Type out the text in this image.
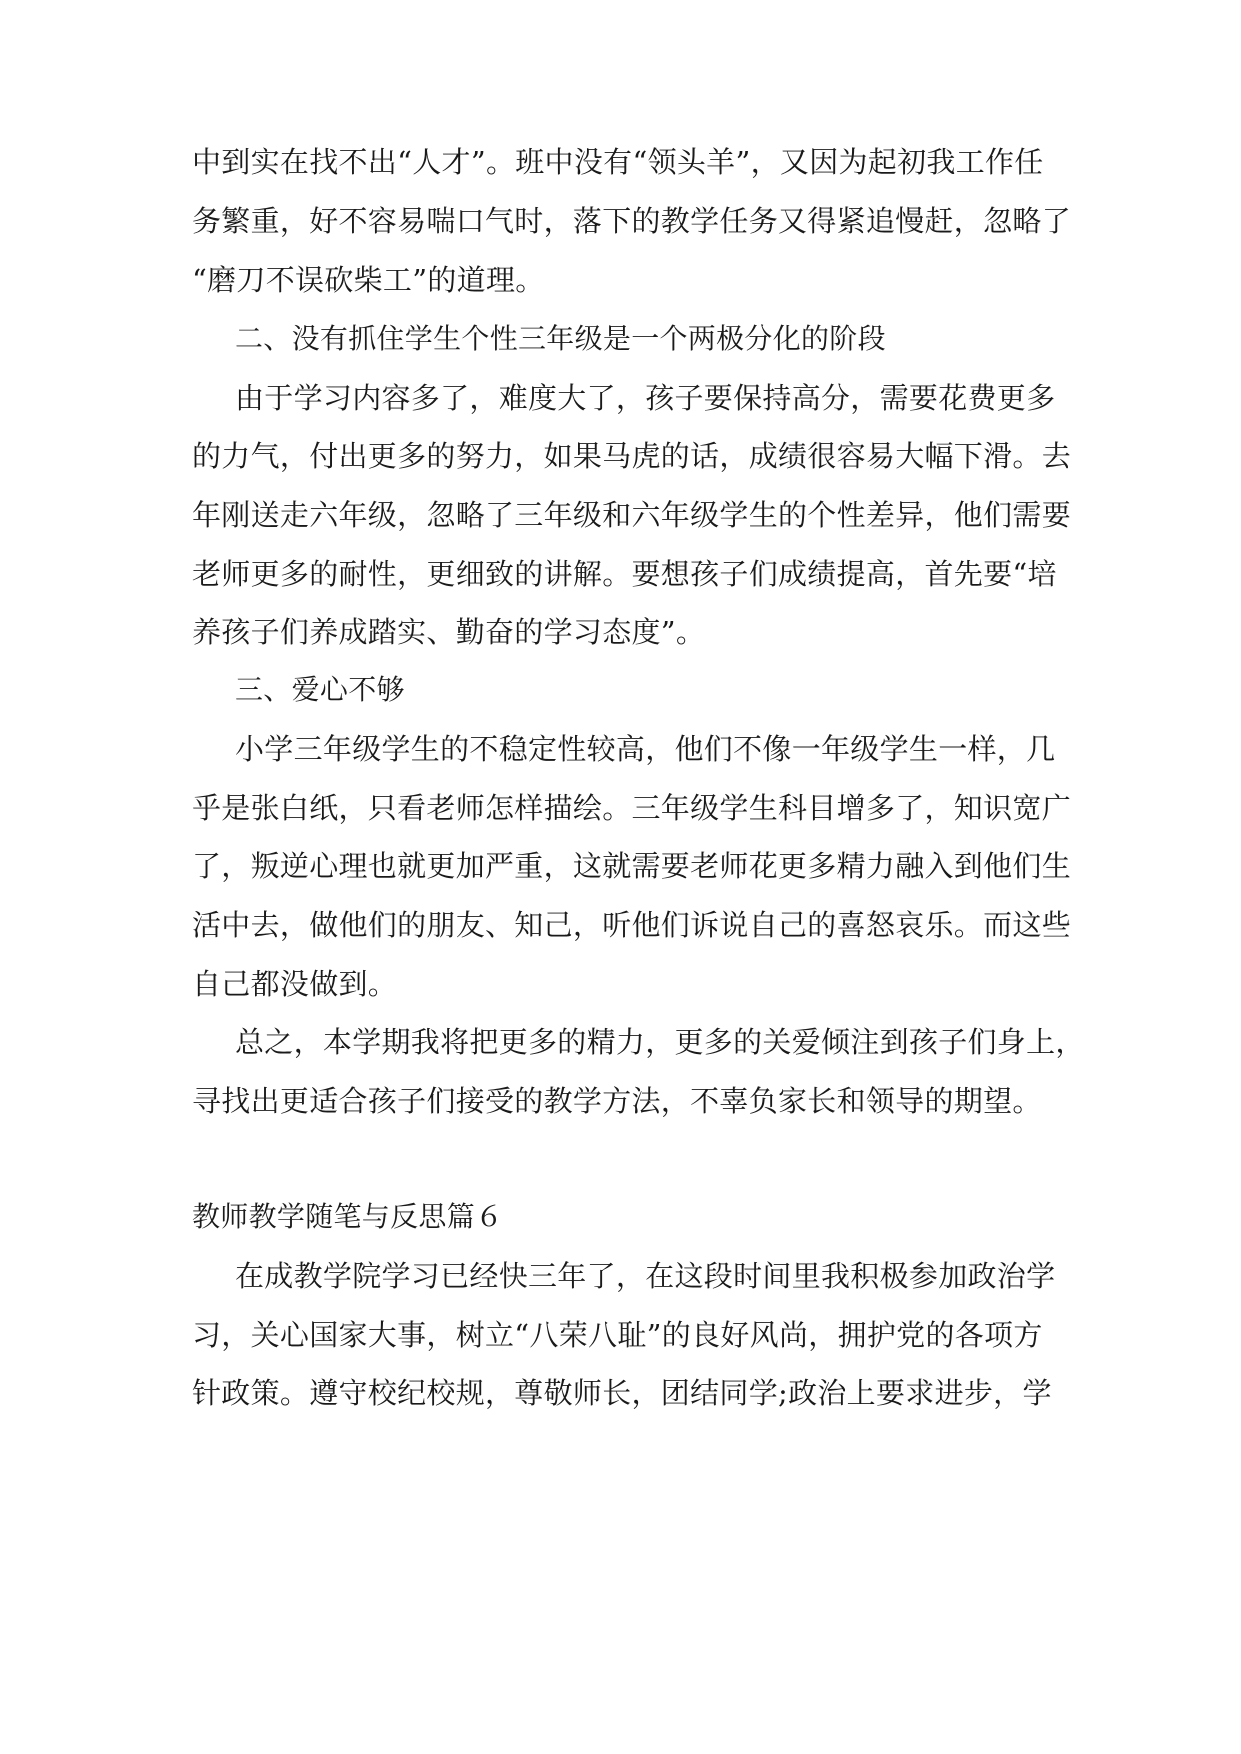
中到实在找不出“人才”。班中没有“领头羊”，又因为起初我工作任
务繁重，好不容易喘口气时，落下的教学任务又得紧追慢赶，忽略了
“磨刀不误砍柴工”的道理。
二、没有抓住学生个性三年级是一个两极分化的阶段
由于学习内容多了，难度大了，孩子要保持高分，需要花费更多
的力气，付出更多的努力，如果马虎的话，成绩很容易大幅下滑。去
年刚送走六年级，忽略了三年级和六年级学生的个性差异，他们需要
老师更多的耐性，更细致的讲解。要想孩子们成绩提高，首先要“培
养孩子们养成踏实、勤奋的学习态度”。
三、爱心不够
小学三年级学生的不稳定性较高，他们不像一年级学生一样，几
乎是张白纸，只看老师怎样描绘。三年级学生科目增多了，知识宽广
了，叛逆心理也就更加严重，这就需要老师花更多精力融入到他们生
活中去，做他们的朋友、知己，听他们诉说自己的喜怒哀乐。而这些
自己都没做到。
总之，本学期我将把更多的精力，更多的关爱倾注到孩子们身上，
寻找出更适合孩子们接受的教学方法，不辜负家长和领导的期望。
教师教学随笔与反思篇６
在成教学院学习已经快三年了，在这段时间里我积极参加政治学
习，关心国家大事，树立“八荣八耻”的良好风尚，拥护党的各项方
针政策。遵守校纪校规，尊敬师长，团结同学;政治上要求进步，学
